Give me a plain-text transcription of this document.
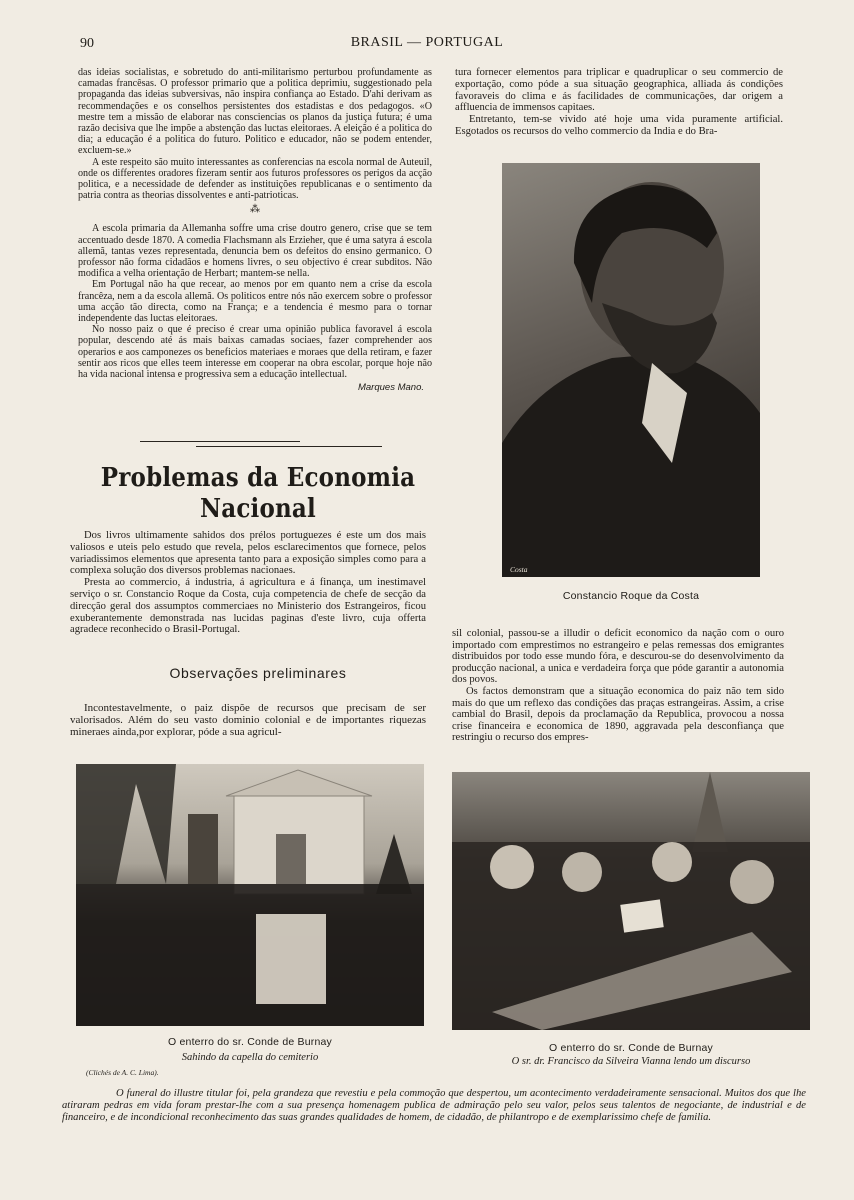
90	BRASIL — PORTUGAL

das ideias socialistas, e sobretudo do anti-militarismo perturbou profundamente as camadas francêsas. O professor primario que a politica deprimiu, suggestionado pela propaganda das ideias subversivas, não inspira confiança ao Estado. D'ahi derivam as recommendações e os conselhos persistentes dos estadistas e dos pedagogos. «O mestre tem a missão de elaborar nas consciencias os planos da justiça futura; é uma razão decisiva que lhe impõe a abstenção das luctas eleitoraes. A eleição é a politica do dia; a educação é a politica do futuro. Politico e educador, não se podem entender, excluem-se.»

A este respeito são muito interessantes as conferencias na escola normal de Auteuil, onde os differentes oradores fizeram sentir aos futuros professores os perigos da acção politica, e a necessidade de defender as instituições republicanas e o sentimento da patria contra as theorias dissolventes e anti-patrioticas.

⁂

A escola primaria da Allemanha soffre uma crise doutro genero, crise que se tem accentuado desde 1870. A comedia Flachsmann als Erzieher, que é uma satyra á escola allemã, tantas vezes representada, denuncia bem os defeitos do ensino germanico. O professor não forma cidadãos e homens livres, o seu objectivo é crear subditos. Não modifica a velha orientação de Herbart; mantem-se nella.

Em Portugal não ha que recear, ao menos por em quanto nem a crise da escola francêza, nem a da escola allemã. Os politicos entre nós não exercem sobre o professor uma acção tão directa, como na França; e a tendencia é mesmo para o tornar independente das luctas eleitoraes.

No nosso paiz o que é preciso é crear uma opinião publica favoravel á escola popular, descendo até ás mais baixas camadas sociaes, fazer comprehender aos operarios e aos camponezes os beneficios materiaes e moraes que della retiram, e fazer sentir aos ricos que elles teem interesse em cooperar na obra escolar, porque hoje não ha vida nacional intensa e progressiva sem a educação intellectual.

Marques Mano.
Problemas da Economia Nacional

Dos livros ultimamente sahidos dos prélos portuguezes é este um dos mais valiosos e uteis pelo estudo que revela, pelos esclarecimentos que fornece, pelos variadissimos elementos que apresenta tanto para a exposição simples como para a complexa solução dos diversos problemas nacionaes.

Presta ao commercio, á industria, á agricultura e á finança, um inestimavel serviço o sr. Constancio Roque da Costa, cuja competencia de chefe de secção da direcção geral dos assumptos commerciaes no Ministerio dos Estrangeiros, ficou exuberantemente demonstrada nas lucidas paginas d'este livro, cuja offerta agradece reconhecido o Brasil-Portugal.

Observações preliminares

Incontestavelmente, o paiz dispõe de recursos que precisam de ser valorisados. Além do seu vasto dominio colonial e de importantes riquezas mineraes ainda,por explorar, póde a sua agricul-

tura fornecer elementos para triplicar e quadruplicar o seu commercio de exportação, como póde a sua situação geographica, alliada ás condições favoraveis do clima e ás facilidades de communicações, dar origem a affluencia de immensos capitaes.

Entretanto, tem-se vivido até hoje uma vida puramente artificial. Esgotados os recursos do velho commercio da India e do Bra-

Costa
Constancio Roque da Costa

sil colonial, passou-se a illudir o deficit economico da nação com o ouro importado com emprestimos no estrangeiro e pelas remessas dos emigrantes distribuidos por todo esse mundo fóra, e descurou-se do desenvolvimento da producção nacional, a unica e verdadeira força que póde garantir a autonomia dos povos.

Os factos demonstram que a situação economica do paiz não tem sido mais do que um reflexo das condições das praças estrangeiras. Assim, a crise cambial do Brasil, depois da proclamação da Republica, provocou a nossa crise financeira e economica de 1890, aggravada pela desconfiança que restringiu o recurso dos empres-

O enterro do sr. Conde de Burnay
Sahindo da capella do cemiterio
(Clichés de A. C. Lima).
O enterro do sr. Conde de Burnay
O sr. dr. Francisco da Silveira Vianna lendo um discurso

O funeral do illustre titular foi, pela grandeza que revestiu e pela commoção que despertou, um acontecimento verdadeiramente sensacional. Muitos dos que lhe atiraram pedras em vida foram prestar-lhe com a sua presença homenagem publica de admiração pelo seu valor, pelos seus talentos de negociante, de industrial e de financeiro, e de incondicional reconhecimento das suas grandes qualidades de homem, de cidadão, de philantropo e de exemplarissimo chefe de familia.
